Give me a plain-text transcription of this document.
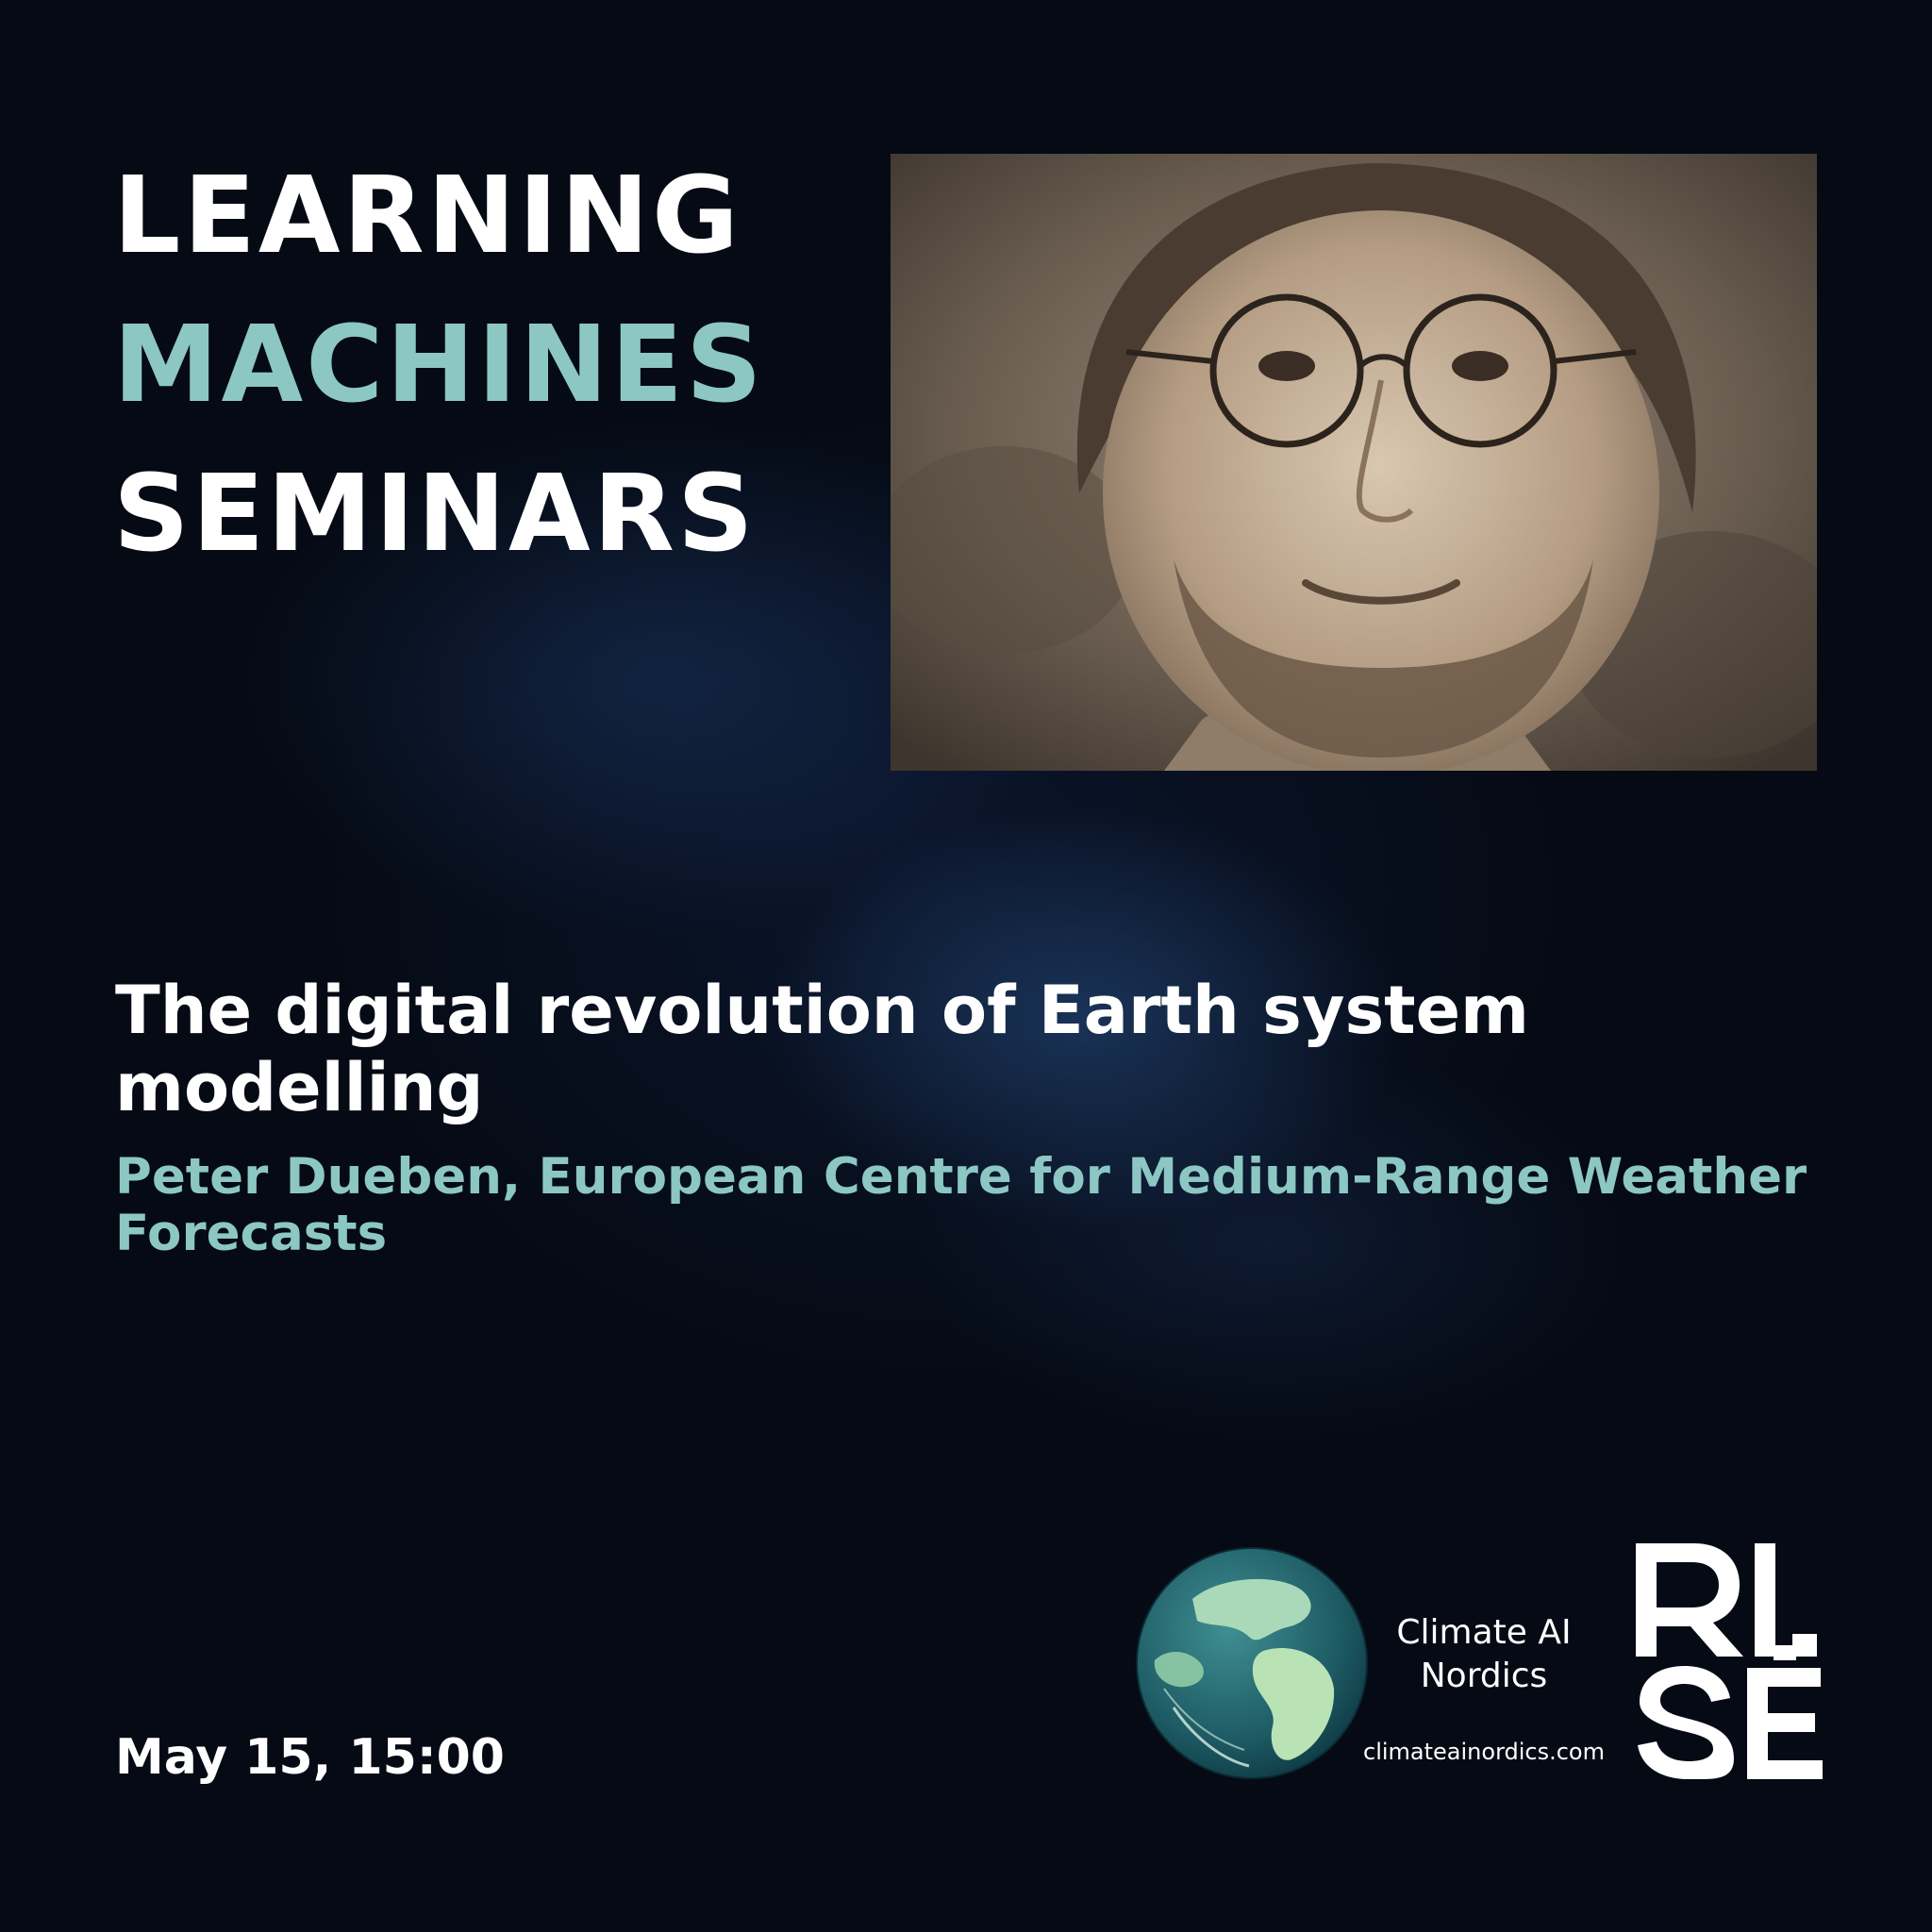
LEARNING
MACHINES
SEMINARS
The digital revolution of Earth system modelling

Peter Dueben, European Centre for Medium-Range Weather Forecasts

May 15, 15:00

Climate AI Nordics

climateainordics.com
